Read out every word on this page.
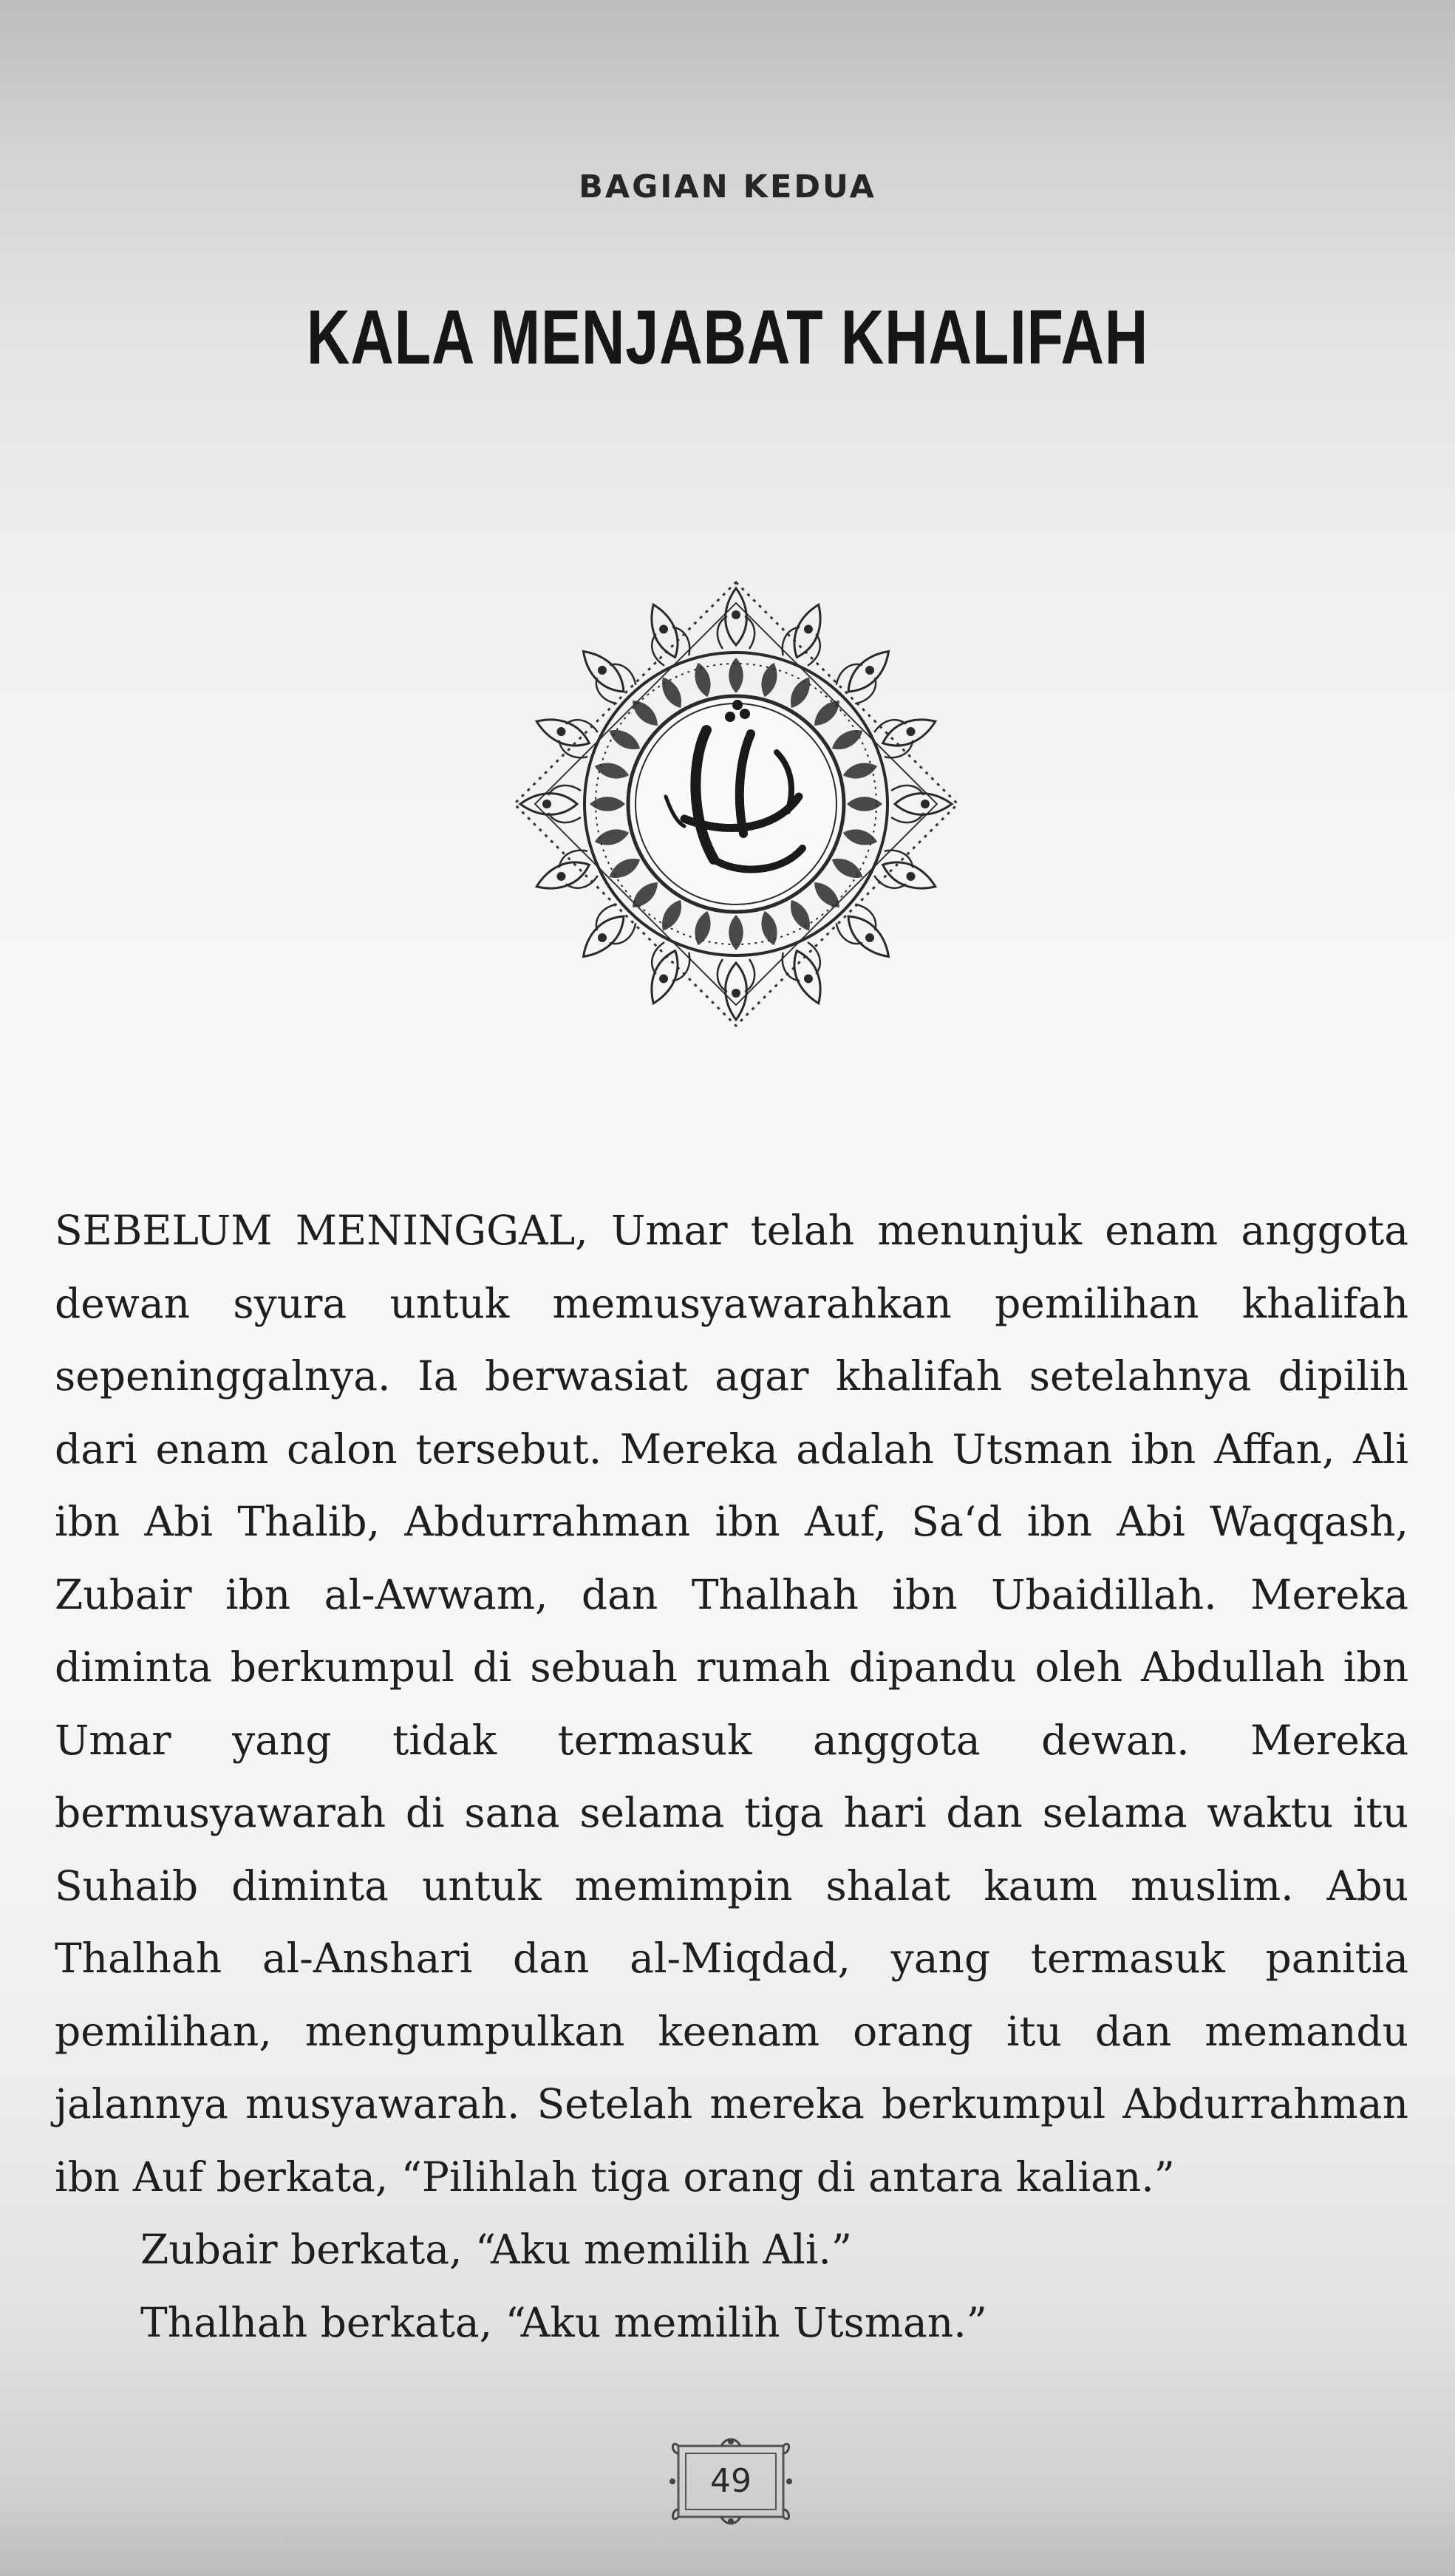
BAGIAN KEDUA
KALA MENJABAT KHALIFAH

SEBELUM MENINGGAL, Umar telah menunjuk enam anggota dewan syura untuk memusyawarahkan pemilihan khalifah sepeninggalnya. Ia berwasiat agar khalifah setelahnya dipilih dari enam calon tersebut. Mereka adalah Utsman ibn Affan, Ali ibn Abi Thalib, Abdurrahman ibn Auf, Sa‘d ibn Abi Waqqash, Zubair ibn al-Awwam, dan Thalhah ibn Ubaidillah. Mereka diminta berkumpul di sebuah rumah dipandu oleh Abdullah ibn Umar yang tidak termasuk anggota dewan. Mereka bermusyawarah di sana selama tiga hari dan selama waktu itu Suhaib diminta untuk memimpin shalat kaum muslim. Abu Thalhah al-Anshari dan al-Miqdad, yang termasuk panitia pemilihan, mengumpulkan keenam orang itu dan memandu jalannya musyawarah. Setelah mereka berkumpul Abdurrahman ibn Auf berkata, “Pilihlah tiga orang di antara kalian.”

Zubair berkata, “Aku memilih Ali.”

Thalhah berkata, “Aku memilih Utsman.”

49
